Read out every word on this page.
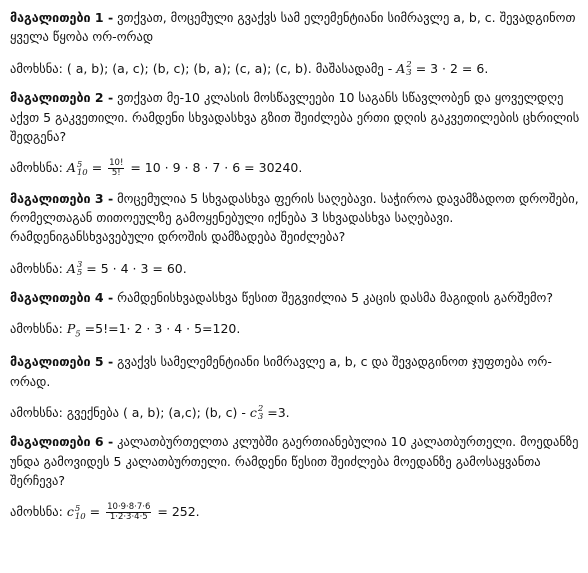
მაგალითები 1 - ვთქვათ, მოცემული გვაქვს სამ ელემენტიანი სიმრავლე a, b, c. შევადგინოთ ყველა წყობა ორ-ორად

ამოხსნა: ( a, b); (a, c); (b, c); (b, a); (c, a); (c, b). მაშასადამე - A 2
3 = 3 · 2 = 6.

მაგალითები 2 - ვთქვათ მე-10 კლასის მოსწავლეები 10 საგანს სწავლობენ და ყოველდღე აქვთ 5 გაკვეთილი. რამდენი სხვადასხვა გზით შეიძლება ერთი დღის გაკვეთილების ცხრილის შედგენა?

ამოხსნა: A 5
$10 = \frac{10!}{5!} = 10 \cdot 9 \cdot 8 \cdot 7 \cdot 6 = 30240$.

მაგალითები 3 - მოცემულია 5 სხვადასხვა ფერის საღებავი. საჭიროა დავამზადოთ დროშები, რომელთაგან თითოეულზე გამოყენებული იქნება 3 სხვადასხვა საღებავი. რამდენიგანსხვავებული დროშის დამზადება შეიძლება?

ამოხსნა: A 3
5 = 5 · 4 · 3 = 60.

მაგალითები 4 - რამდენისხვადასხვა წესით შეგვიძლია 5 კაცის დასმა მაგიდის გარშემო?

ამოხსნა: $P_5 =5!=1\cdot 2 \cdot 3 \cdot 4 \cdot 5=120$.

მაგალითები 5 - გვაქვს სამელემენტიანი სიმრავლე a, b, c და შევადგინოთ ჯუფთება ორ-ორად.

ამოხსნა: გვექნება ( a, b); (a,c); (b, c) - c 2
3 =3.

მაგალითები 6 - კალათბურთელთა კლუბში გაერთიანებულია 10 კალათბურთელი. მოედანზე უნდა გამოვიდეს 5 კალათბურთელი. რამდენი წესით შეიძლება მოედანზე გამოსაყვანთა შერჩევა?

ამოხსნა: c 5
$10 = \frac{10\cdot 9\cdot 8\cdot 7\cdot 6}{1\cdot 2\cdot 3\cdot 4\cdot 5} = 252$.
